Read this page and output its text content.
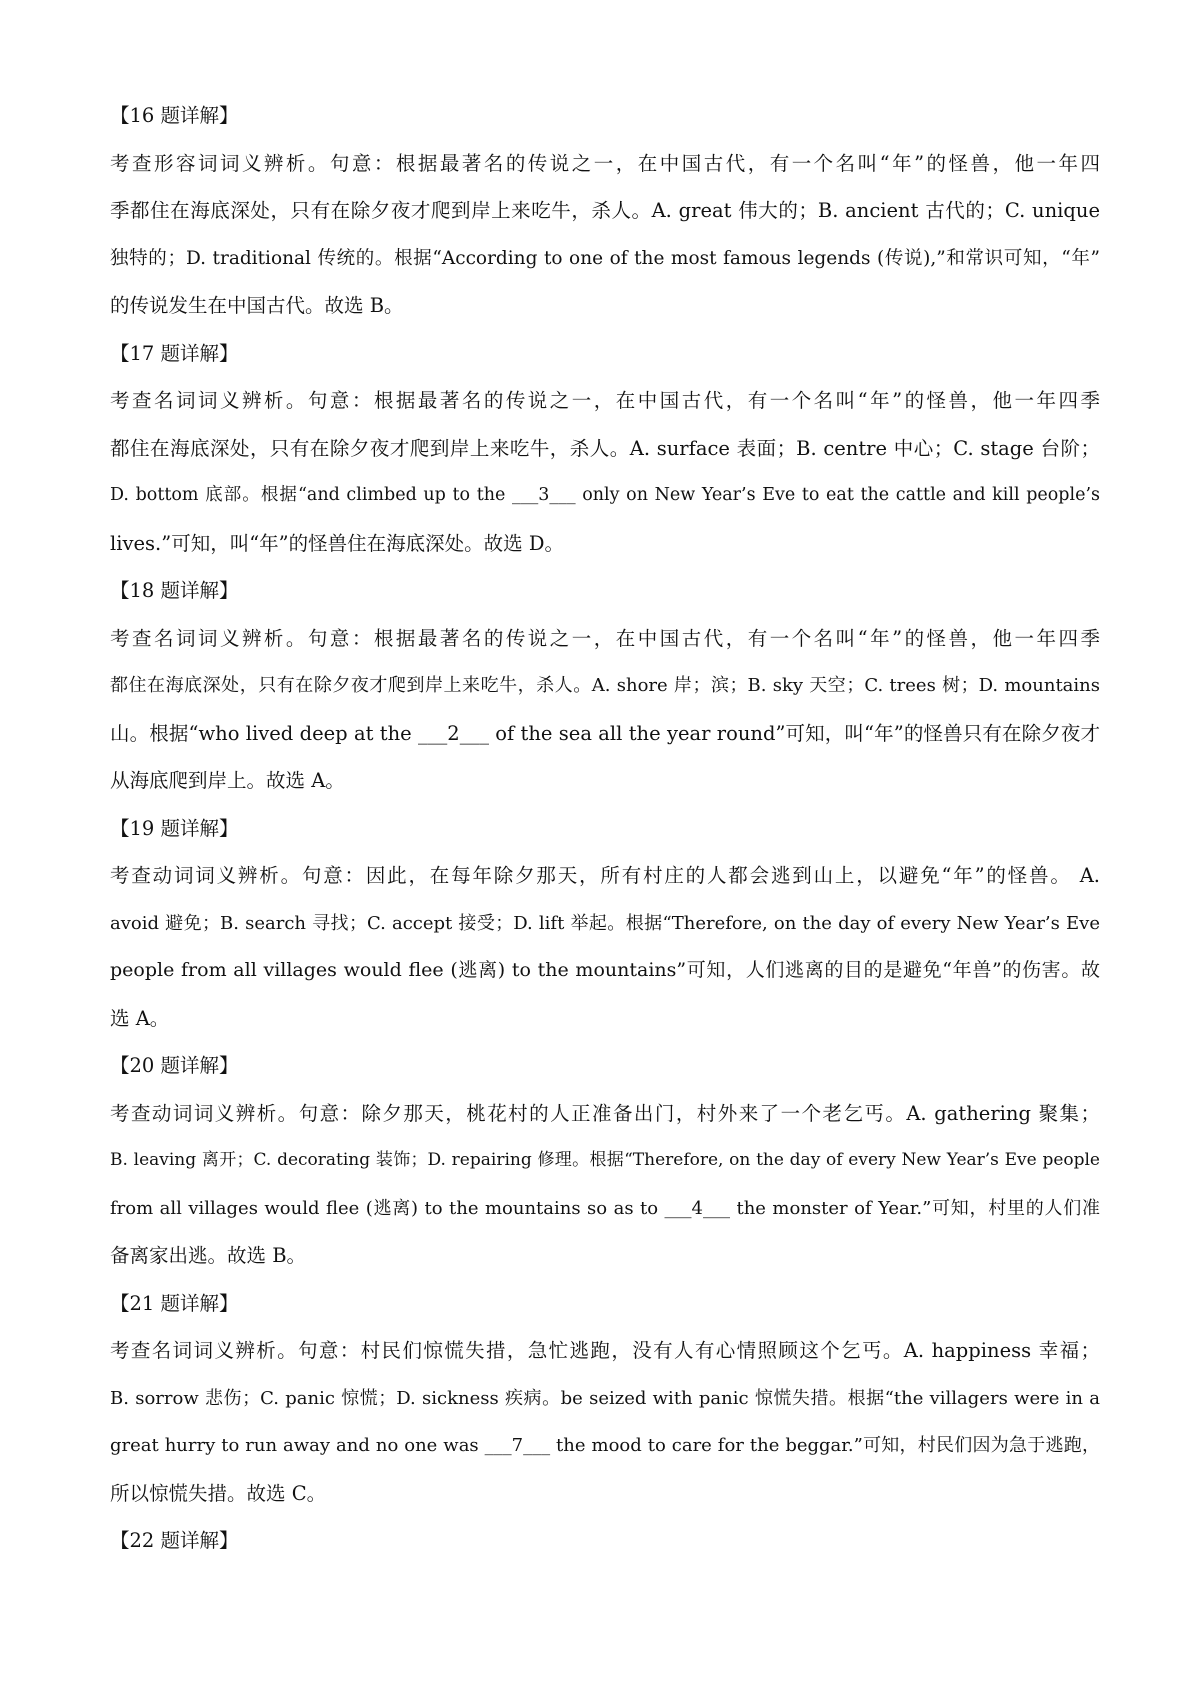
【16 题详解】
考查形容词词义辨析。句意：根据最著名的传说之一，在中国古代，有一个名叫“年”的怪兽，他一年四
季都住在海底深处，只有在除夕夜才爬到岸上来吃牛，杀人。A. great 伟大的；B. ancient 古代的；C. unique
独特的；D. traditional 传统的。根据“According to one of the most famous legends (传说),”和常识可知，“年”
的传说发生在中国古代。故选 B。
【17 题详解】
考查名词词义辨析。句意：根据最著名的传说之一，在中国古代，有一个名叫“年”的怪兽，他一年四季
都住在海底深处，只有在除夕夜才爬到岸上来吃牛，杀人。A. surface 表面；B. centre 中心；C. stage 台阶；
D. bottom 底部。根据“and climbed up to the ___3___ only on New Year’s Eve to eat the cattle and kill people’s
lives.”可知，叫“年”的怪兽住在海底深处。故选 D。
【18 题详解】
考查名词词义辨析。句意：根据最著名的传说之一，在中国古代，有一个名叫“年”的怪兽，他一年四季
都住在海底深处，只有在除夕夜才爬到岸上来吃牛，杀人。A. shore 岸；滨；B. sky 天空；C. trees 树；D. mountains
山。根据“who lived deep at the ___2___ of the sea all the year round”可知，叫“年”的怪兽只有在除夕夜才
从海底爬到岸上。故选 A。
【19 题详解】
考查动词词义辨析。句意：因此，在每年除夕那天，所有村庄的人都会逃到山上，以避免“年”的怪兽。 A.
avoid 避免；B. search 寻找；C. accept 接受；D. lift 举起。根据“Therefore, on the day of every New Year’s Eve
people from all villages would flee (逃离) to the mountains”可知，人们逃离的目的是避免“年兽”的伤害。故
选 A。
【20 题详解】
考查动词词义辨析。句意：除夕那天，桃花村的人正准备出门，村外来了一个老乞丐。A. gathering 聚集；
B. leaving 离开；C. decorating 装饰；D. repairing 修理。根据“Therefore, on the day of every New Year’s Eve people
from all villages would flee (逃离) to the mountains so as to ___4___ the monster of Year.”可知，村里的人们准
备离家出逃。故选 B。
【21 题详解】
考查名词词义辨析。句意：村民们惊慌失措，急忙逃跑，没有人有心情照顾这个乞丐。A. happiness 幸福；
B. sorrow 悲伤；C. panic 惊慌；D. sickness 疾病。be seized with panic 惊慌失措。根据“the villagers were in a
great hurry to run away and no one was ___7___ the mood to care for the beggar.”可知，村民们因为急于逃跑，
所以惊慌失措。故选 C。
【22 题详解】
